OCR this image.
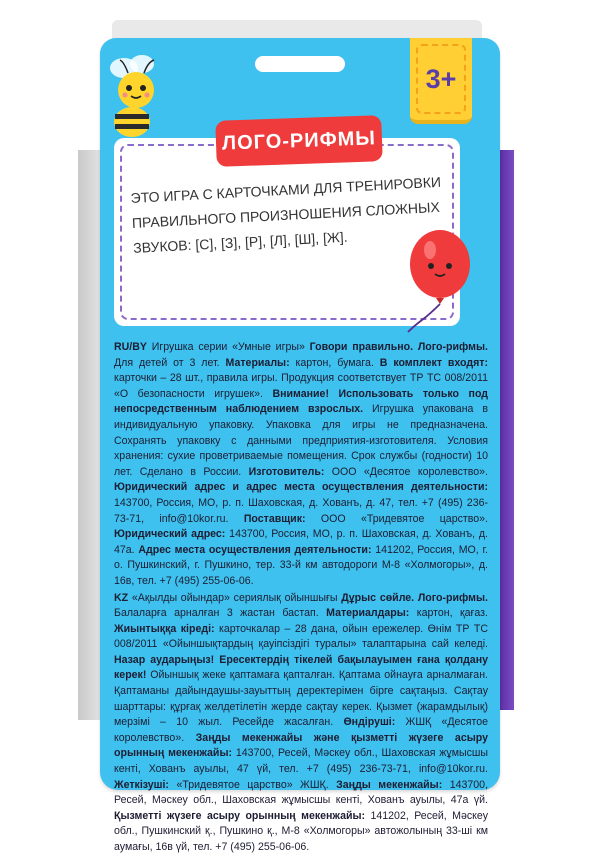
3+
ЛОГО-РИФМЫ
ЭТО ИГРА С КАРТОЧКАМИ ДЛЯ ТРЕНИРОВКИ ПРАВИЛЬНОГО ПРОИЗНОШЕНИЯ СЛОЖНЫХ ЗВУКОВ: [С], [З], [Р], [Л], [Ш], [Ж].

RU/BY Игрушка серии «Умные игры» Говори правильно. Лого-рифмы. Для детей от 3 лет. Материалы: картон, бумага. В комплект входят: карточки – 28 шт., правила игры. Продукция соответствует ТР ТС 008/2011 «О безопасности игрушек». Внимание! Использовать только под непосредственным наблюдением взрослых. Игрушка упакована в индивидуальную упаковку. Упаковка для игры не предназначена. Сохранять упаковку с данными предприятия-изготовителя. Условия хранения: сухие проветриваемые помещения. Срок службы (годности) 10 лет. Сделано в России. Изготовитель: ООО «Десятое королевство». Юридический адрес и адрес места осуществления деятельности: 143700, Россия, МО, р. п. Шаховская, д. Хованъ, д. 47, тел. +7 (495) 236-73-71, info@10kor.ru. Поставщик: ООО «Тридевятое царство». Юридический адрес: 143700, Россия, МО, р. п. Шаховская, д. Хованъ, д. 47а. Адрес места осуществления деятельности: 141202, Россия, МО, г. о. Пушкинский, г. Пушкино, тер. 33-й км автодороги М-8 «Холмогоры», д. 16в, тел. +7 (495) 255-06-06.

KZ «Ақылды ойындар» сериялық ойыншығы Дұрыс сөйле. Лого-рифмы. Балаларға арналған 3 жастан бастап. Материалдары: картон, қағаз. Жиынтыққа кіреді: карточкалар – 28 дана, ойын ережелер. Өнім ТР ТС 008/2011 «Ойыншықтардың қауіпсіздігі туралы» талаптарына сай келеді. Назар аударыңыз! Ересектердің тікелей бақылауымен ғана қолдану керек! Ойыншық жеке қаптамаға қапталған. Қаптама ойнауға арналмаған. Қаптаманы дайындаушы-зауыттың деректерімен бірге сақтаңыз. Сақтау шарттары: құрғақ желдетілетін жерде сақтау керек. Қызмет (жарамдылық) мерзімі – 10 жыл. Ресейде жасалған. Өндіруші: ЖШҚ «Десятое королевство». Заңды мекенжайы және қызметті жүзеге асыру орынның мекенжайы: 143700, Ресей, Мәскеу обл., Шаховская жұмысшы кенті, Хованъ ауылы, 47 үй, тел. +7 (495) 236-73-71, info@10kor.ru. Жеткізуші: «Тридевятое царство» ЖШҚ. Заңды мекенжайы: 143700, Ресей, Мәскеу обл., Шаховская жұмысшы кенті, Хованъ ауылы, 47а үй. Қызметті жүзеге асыру орынның мекенжайы: 141202, Ресей, Мәскеу обл., Пушкинский қ., Пушкино қ., М-8 «Холмогоры» автожолының 33-ші км аумағы, 16в үй, тел. +7 (495) 255-06-06.
